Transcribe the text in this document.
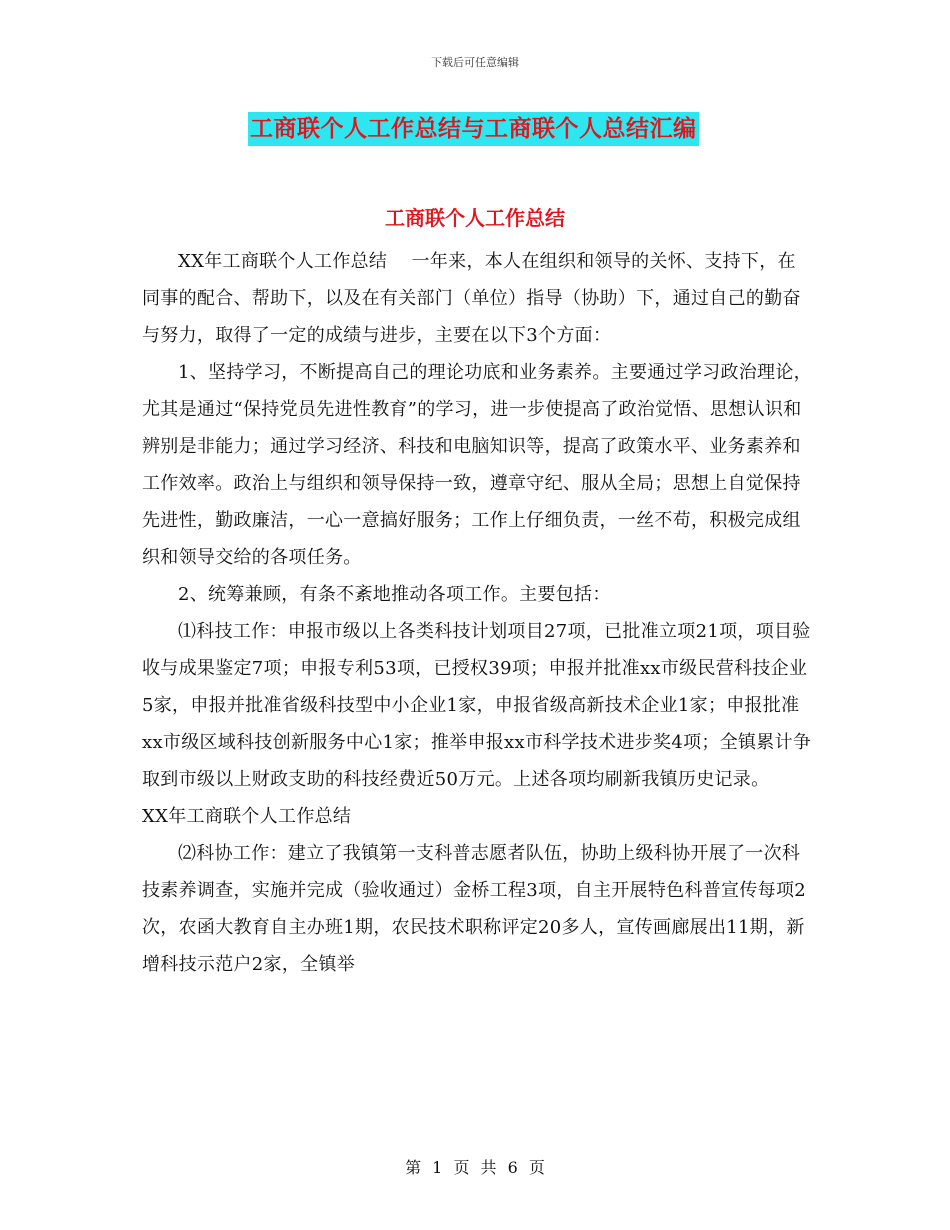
下载后可任意编辑
工商联个人工作总结与工商联个人总结汇编
工商联个人工作总结

XX年工商联个人工作总结　 一年来，本人在组织和领导的关怀、支持下，在同事的配合、帮助下，以及在有关部门（单位）指导（协助）下，通过自己的勤奋与努力，取得了一定的成绩与进步，主要在以下3个方面：

1、坚持学习，不断提高自己的理论功底和业务素养。主要通过学习政治理论，尤其是通过“保持党员先进性教育”的学习，进一步使提高了政治觉悟、思想认识和辨别是非能力；通过学习经济、科技和电脑知识等，提高了政策水平、业务素养和工作效率。政治上与组织和领导保持一致，遵章守纪、服从全局；思想上自觉保持先进性，勤政廉洁，一心一意搞好服务；工作上仔细负责，一丝不苟，积极完成组织和领导交给的各项任务。

2、统筹兼顾，有条不紊地推动各项工作。主要包括：

⑴科技工作：申报市级以上各类科技计划项目27项，已批准立项21项，项目验收与成果鉴定7项；申报专利53项，已授权39项；申报并批准xx市级民营科技企业5家，申报并批准省级科技型中小企业1家，申报省级高新技术企业1家；申报批准xx市级区域科技创新服务中心1家；推举申报xx市科学技术进步奖4项；全镇累计争取到市级以上财政支助的科技经费近50万元。上述各项均刷新我镇历史记录。

XX年工商联个人工作总结

⑵科协工作：建立了我镇第一支科普志愿者队伍，协助上级科协开展了一次科技素养调查，实施并完成（验收通过）金桥工程3项，自主开展特色科普宣传每项2次，农函大教育自主办班1期，农民技术职称评定20多人，宣传画廊展出11期，新增科技示范户2家，全镇举

第 1 页 共 6 页
